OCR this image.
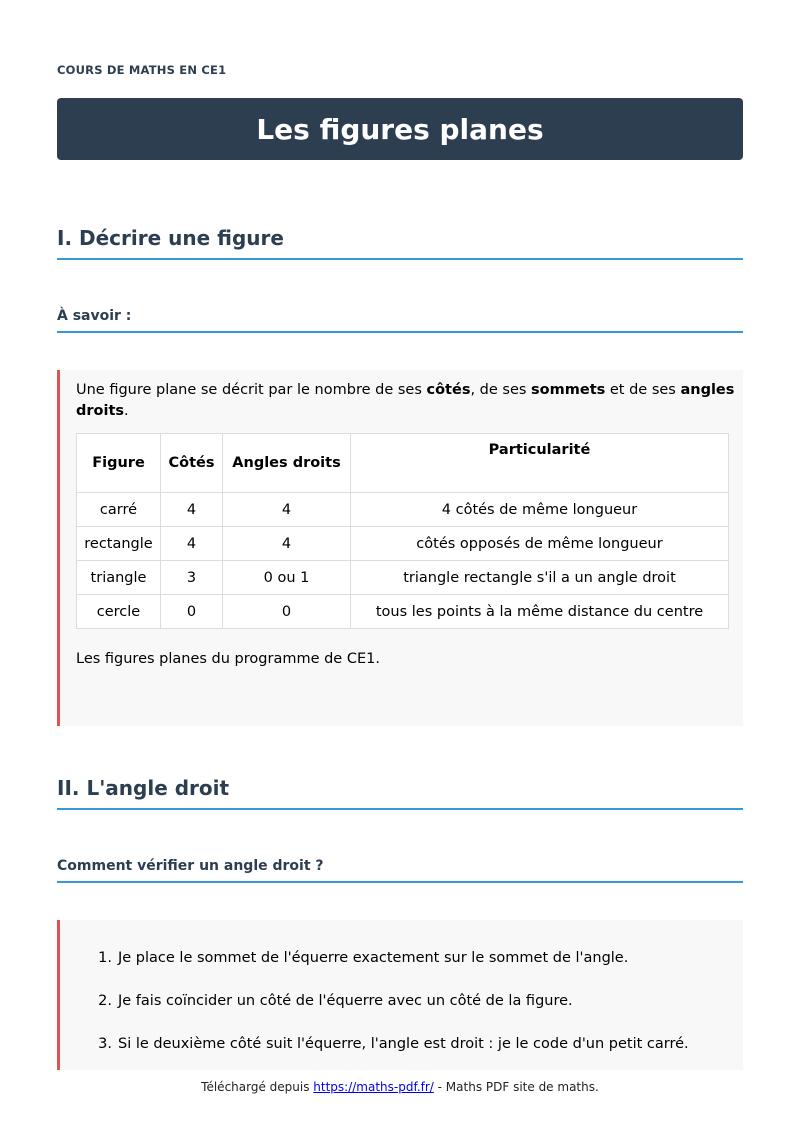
COURS DE MATHS EN CE1
Les figures planes
I. Décrire une figure
À savoir :
Une figure plane se décrit par le nombre de ses côtés, de ses sommets et de ses angles droits.
Figure	Côtés	Angles droits	Particularité
carré	4	4	4 côtés de même longueur
rectangle	4	4	côtés opposés de même longueur
triangle	3	0 ou 1	triangle rectangle s'il a un angle droit
cercle	0	0	tous les points à la même distance du centre
Les figures planes du programme de CE1.
II. L'angle droit
Comment vérifier un angle droit ?
1. Je place le sommet de l'équerre exactement sur le sommet de l'angle.
2. Je fais coïncider un côté de l'équerre avec un côté de la figure.
3. Si le deuxième côté suit l'équerre, l'angle est droit : je le code d'un petit carré.
Téléchargé depuis https://maths-pdf.fr/ - Maths PDF site de maths.
